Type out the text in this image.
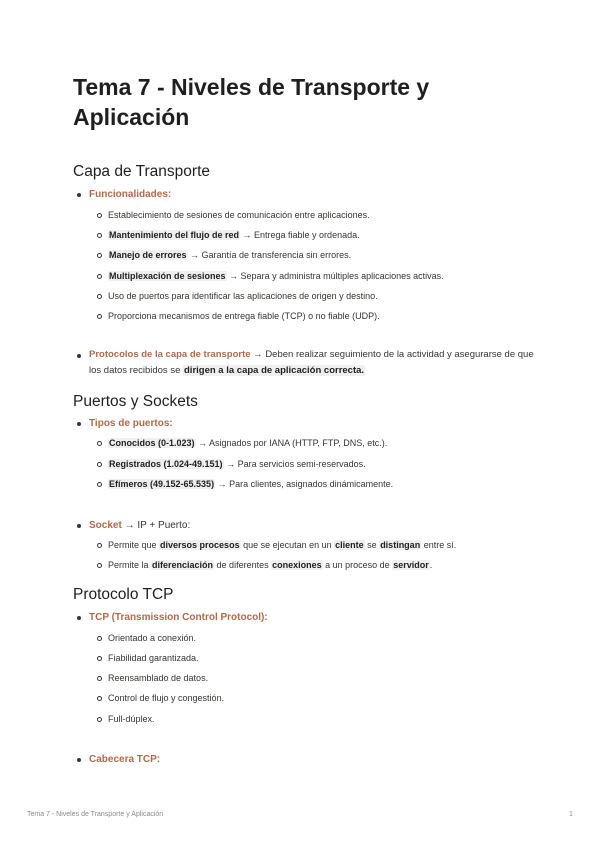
Tema 7 - Niveles de Transporte y Aplicación
Capa de Transporte
Funcionalidades:
Establecimiento de sesiones de comunicación entre aplicaciones.
Mantenimiento del flujo de red → Entrega fiable y ordenada.
Manejo de errores → Garantía de transferencia sin errores.
Multiplexación de sesiones → Separa y administra múltiples aplicaciones activas.
Uso de puertos para identificar las aplicaciones de origen y destino.
Proporciona mecanismos de entrega fiable (TCP) o no fiable (UDP).
Protocolos de la capa de transporte → Deben realizar seguimiento de la actividad y asegurarse de que los datos recibidos se dirigen a la capa de aplicación correcta.
Puertos y Sockets
Tipos de puertos:
Conocidos (0-1.023) → Asignados por IANA (HTTP, FTP, DNS, etc.).
Registrados (1.024-49.151) → Para servicios semi-reservados.
Efímeros (49.152-65.535) → Para clientes, asignados dinámicamente.
Socket → IP + Puerto:
Permite que diversos procesos que se ejecutan en un cliente se distingan entre sí.
Permite la diferenciación de diferentes conexiones a un proceso de servidor.
Protocolo TCP
TCP (Transmission Control Protocol):
Orientado a conexión.
Fiabilidad garantizada.
Reensamblado de datos.
Control de flujo y congestión.
Full-dúplex.
Cabecera TCP:
Tema 7 - Niveles de Transporte y Aplicación	1
